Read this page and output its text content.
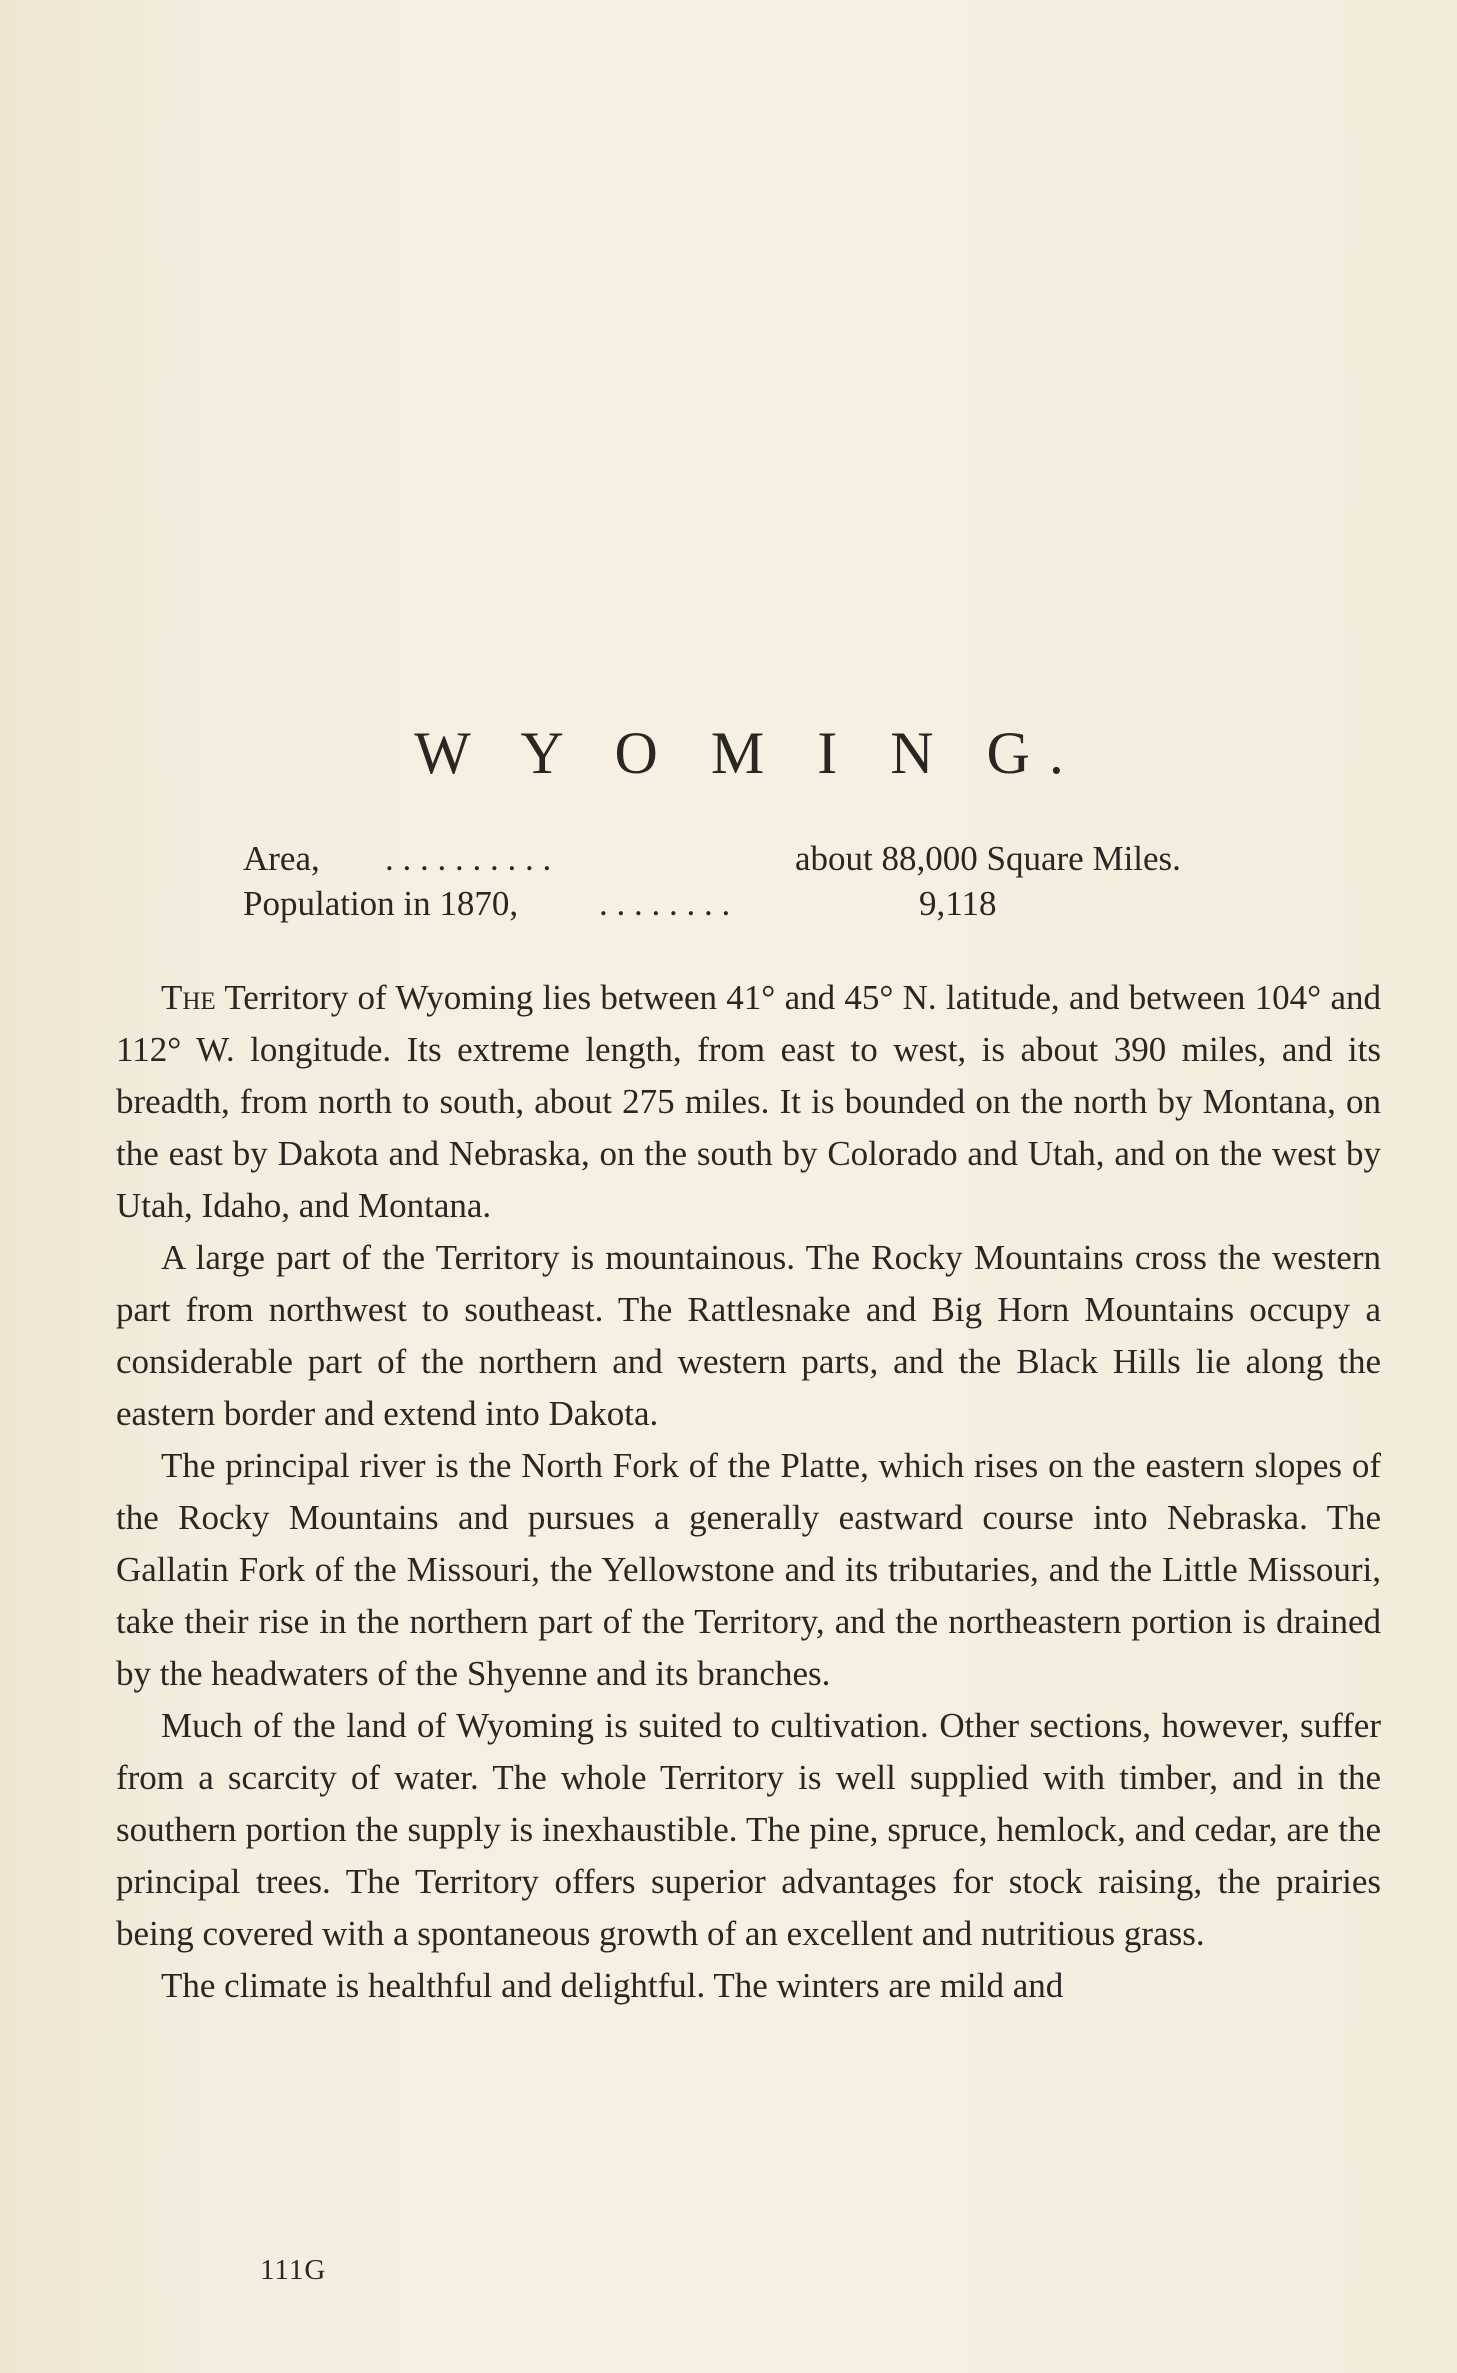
W Y O M I N G.
Area, . . . . . . . . . .	about 88,000 Square Miles.
Population in 1870, . . . . . . . .	9,118

The Territory of Wyoming lies between 41° and 45° N. latitude, and between 104° and 112° W. longitude. Its extreme length, from east to west, is about 390 miles, and its breadth, from north to south, about 275 miles. It is bounded on the north by Montana, on the east by Dakota and Nebraska, on the south by Colorado and Utah, and on the west by Utah, Idaho, and Montana.

A large part of the Territory is mountainous. The Rocky Mountains cross the western part from northwest to southeast. The Rattlesnake and Big Horn Mountains occupy a considerable part of the northern and western parts, and the Black Hills lie along the eastern border and extend into Dakota.

The principal river is the North Fork of the Platte, which rises on the eastern slopes of the Rocky Mountains and pursues a generally eastward course into Nebraska. The Gallatin Fork of the Missouri, the Yellowstone and its tributaries, and the Little Missouri, take their rise in the northern part of the Territory, and the northeastern portion is drained by the headwaters of the Shyenne and its branches.

Much of the land of Wyoming is suited to cultivation. Other sections, however, suffer from a scarcity of water. The whole Territory is well supplied with timber, and in the southern portion the supply is inexhaustible. The pine, spruce, hemlock, and cedar, are the principal trees. The Territory offers superior advantages for stock raising, the prairies being covered with a spontaneous growth of an excellent and nutritious grass.

The climate is healthful and delightful. The winters are mild and

111G
